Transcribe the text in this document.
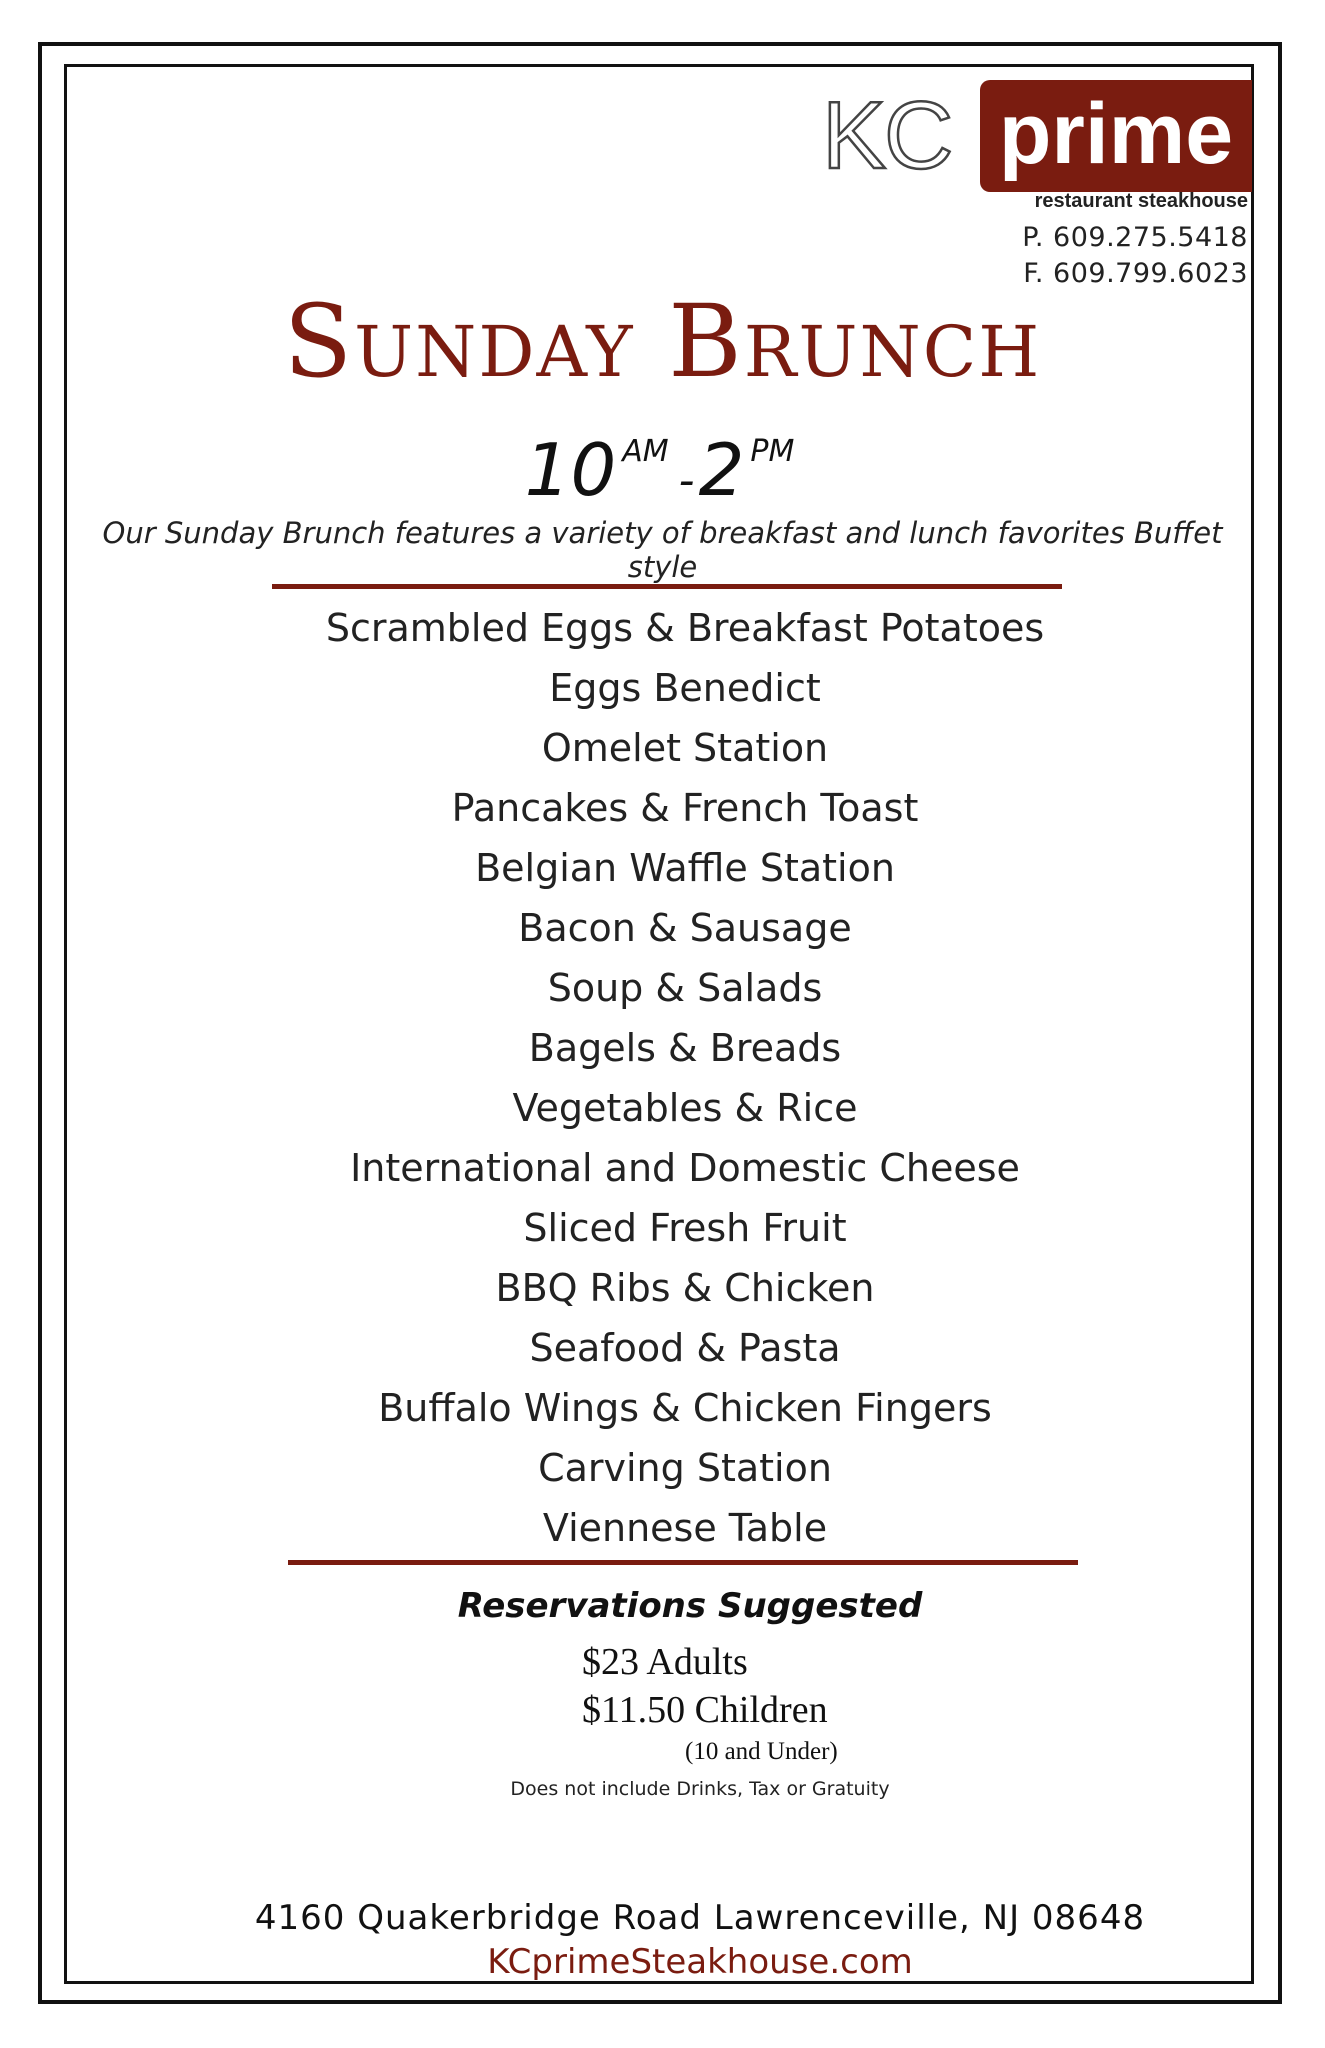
KC prime
restaurant steakhouse
P. 609.275.5418
F. 609.799.6023
Sunday Brunch
10 AM-2 PM
Our Sunday Brunch features a variety of breakfast and lunch favorites Buffet style
Scrambled Eggs & Breakfast Potatoes
Eggs Benedict
Omelet Station
Pancakes & French Toast
Belgian Waffle Station
Bacon & Sausage
Soup & Salads
Bagels & Breads
Vegetables & Rice
International and Domestic Cheese
Sliced Fresh Fruit
BBQ Ribs & Chicken
Seafood & Pasta
Buffalo Wings & Chicken Fingers
Carving Station
Viennese Table
Reservations Suggested
$23 Adults
$11.50 Children
(10 and Under)
Does not include Drinks, Tax or Gratuity
4160 Quakerbridge Road Lawrenceville, NJ 08648
KCprimeSteakhouse.com
